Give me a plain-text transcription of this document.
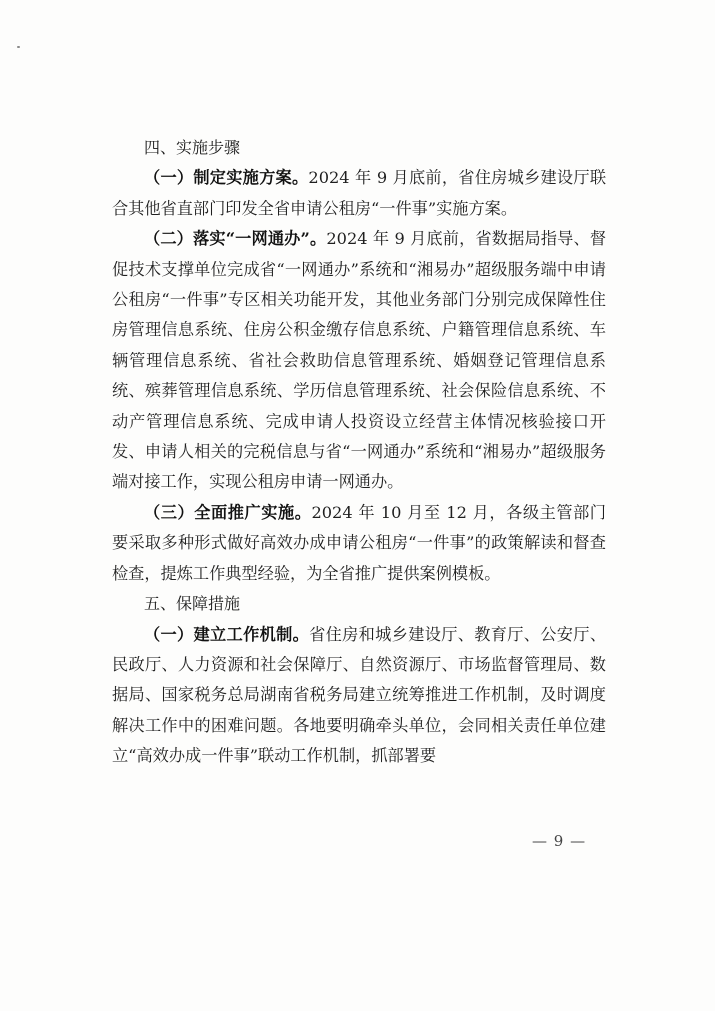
四、实施步骤

（一）制定实施方案。2024 年 9 月底前，省住房城乡建设厅联合其他省直部门印发全省申请公租房“一件事”实施方案。

（二）落实“一网通办”。2024 年 9 月底前，省数据局指导、督促技术支撑单位完成省“一网通办”系统和“湘易办”超级服务端中申请公租房“一件事”专区相关功能开发，其他业务部门分别完成保障性住房管理信息系统、住房公积金缴存信息系统、户籍管理信息系统、车辆管理信息系统、省社会救助信息管理系统、婚姻登记管理信息系统、殡葬管理信息系统、学历信息管理系统、社会保险信息系统、不动产管理信息系统、完成申请人投资设立经营主体情况核验接口开发、申请人相关的完税信息与省“一网通办”系统和“湘易办”超级服务端对接工作，实现公租房申请一网通办。

（三）全面推广实施。2024 年 10 月至 12 月，各级主管部门要采取多种形式做好高效办成申请公租房“一件事”的政策解读和督查检查，提炼工作典型经验，为全省推广提供案例模板。

五、保障措施

（一）建立工作机制。省住房和城乡建设厅、教育厅、公安厅、民政厅、人力资源和社会保障厅、自然资源厅、市场监督管理局、数据局、国家税务总局湖南省税务局建立统筹推进工作机制，及时调度解决工作中的困难问题。各地要明确牵头单位，会同相关责任单位建立“高效办成一件事”联动工作机制，抓部署要

— 9 —
